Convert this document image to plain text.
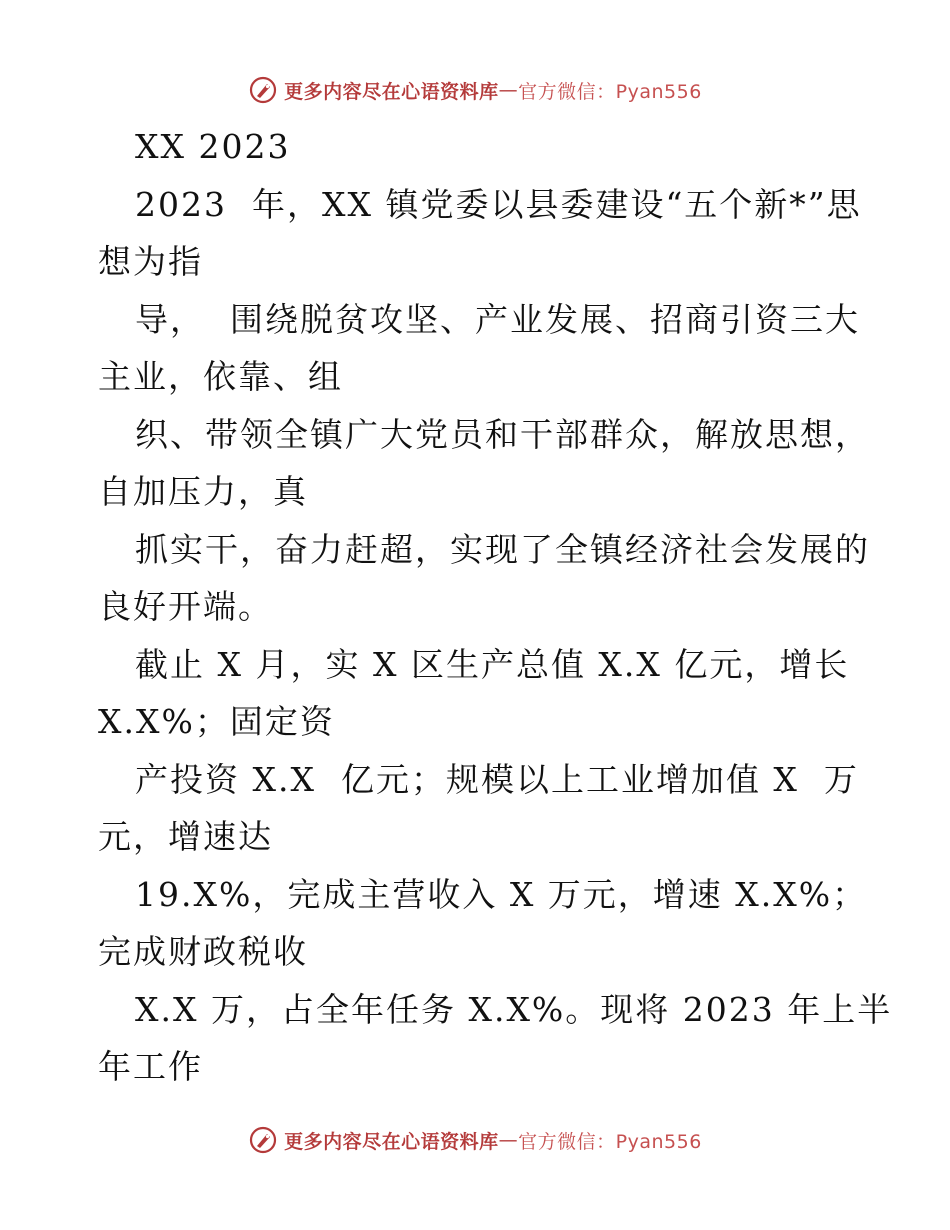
更多内容尽在心语资料库 — 官方微信：Pyan556
XX 2023
2023  年，XX 镇党委以县委建设“五个新*”思
想为指
导，  围绕脱贫攻坚、产业发展、招商引资三大
主业，依靠、组
织、带领全镇广大党员和干部群众，解放思想，
自加压力，真
抓实干，奋力赶超，实现了全镇经济社会发展的
良好开端。
截止 X 月，实 X 区生产总值 X.X 亿元，增长
X.X%；固定资
产投资 X.X  亿元；规模以上工业增加值 X  万
元，增速达
19.X%，完成主营收入 X 万元，增速 X.X%；
完成财政税收
X.X 万，占全年任务 X.X%。现将 2023 年上半
年工作
更多内容尽在心语资料库 — 官方微信：Pyan556
